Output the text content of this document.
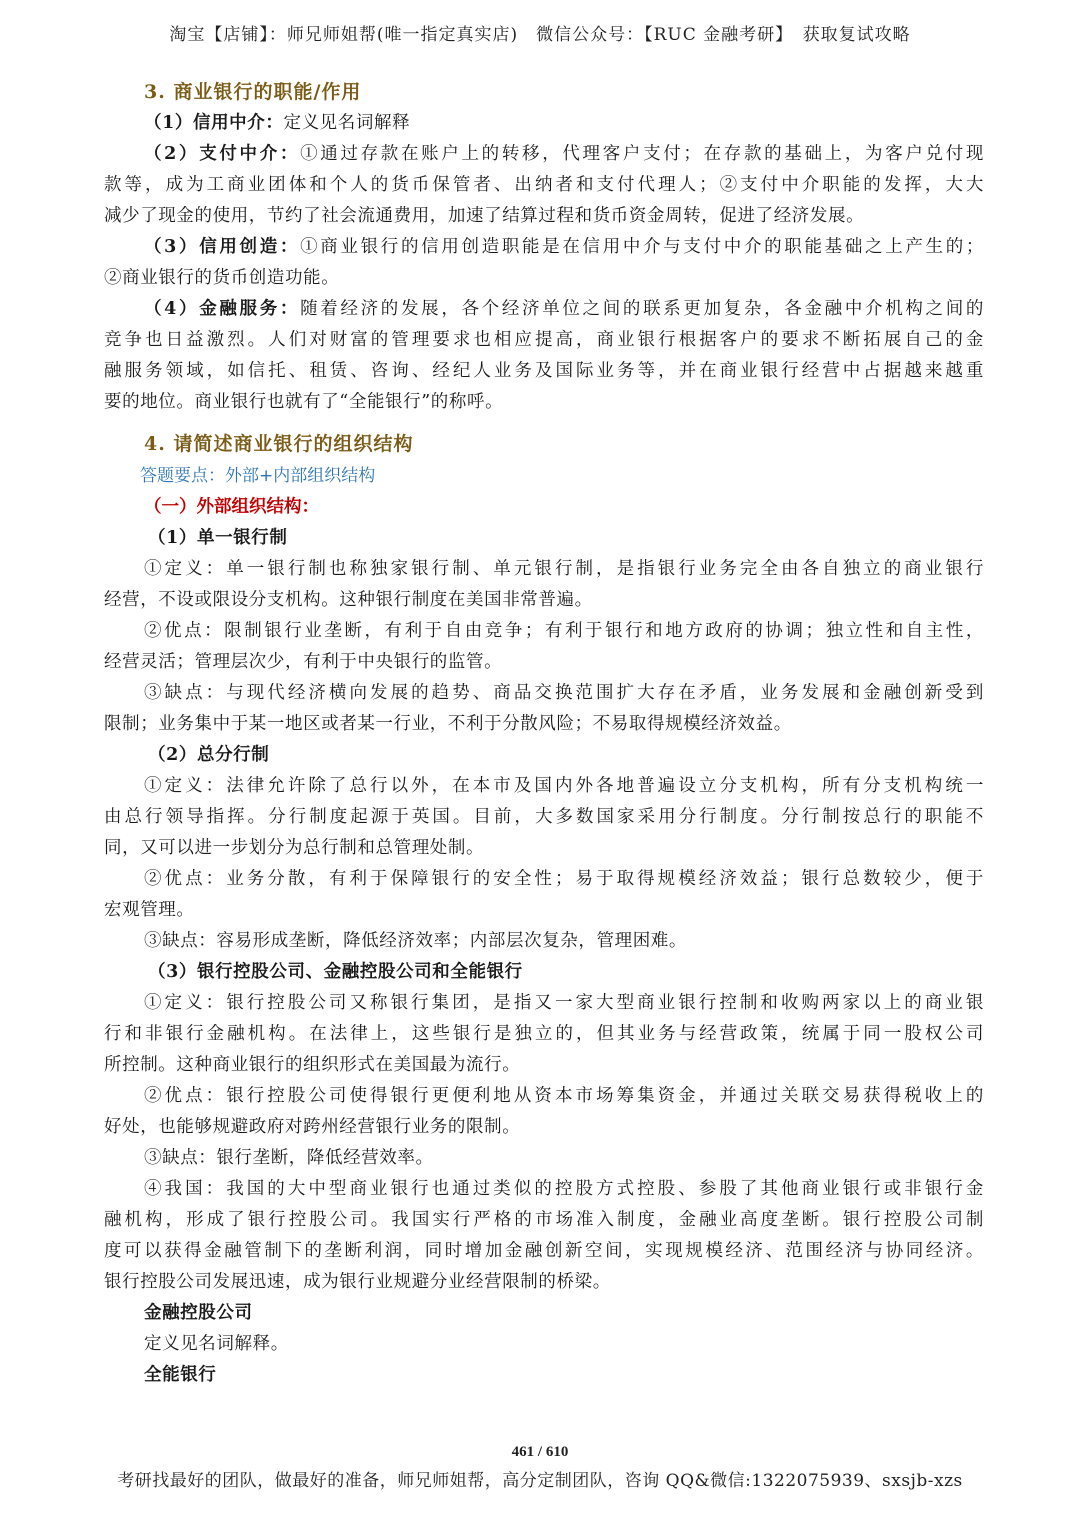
淘宝【店铺】：师兄师姐帮(唯一指定真实店)　微信公众号：【RUC 金融考研】　获取复试攻略
3. 商业银行的职能/作用
（1）信用中介：定义见名词解释
（2）支付中介：①通过存款在账户上的转移，代理客户支付；在存款的基础上，为客户兑付现
款等，成为工商业团体和个人的货币保管者、出纳者和支付代理人；②支付中介职能的发挥，大大
减少了现金的使用，节约了社会流通费用，加速了结算过程和货币资金周转，促进了经济发展。
（3）信用创造：①商业银行的信用创造职能是在信用中介与支付中介的职能基础之上产生的；
②商业银行的货币创造功能。
（4）金融服务：随着经济的发展，各个经济单位之间的联系更加复杂，各金融中介机构之间的
竞争也日益激烈。人们对财富的管理要求也相应提高，商业银行根据客户的要求不断拓展自己的金
融服务领域，如信托、租赁、咨询、经纪人业务及国际业务等，并在商业银行经营中占据越来越重
要的地位。商业银行也就有了“全能银行”的称呼。
4. 请简述商业银行的组织结构
答题要点：外部+内部组织结构
（一）外部组织结构：
（1）单一银行制
①定义：单一银行制也称独家银行制、单元银行制，是指银行业务完全由各自独立的商业银行
经营，不设或限设分支机构。这种银行制度在美国非常普遍。
②优点：限制银行业垄断，有利于自由竞争；有利于银行和地方政府的协调；独立性和自主性，
经营灵活；管理层次少，有利于中央银行的监管。
③缺点：与现代经济横向发展的趋势、商品交换范围扩大存在矛盾，业务发展和金融创新受到
限制；业务集中于某一地区或者某一行业，不利于分散风险；不易取得规模经济效益。
（2）总分行制
①定义：法律允许除了总行以外，在本市及国内外各地普遍设立分支机构，所有分支机构统一
由总行领导指挥。分行制度起源于英国。目前，大多数国家采用分行制度。分行制按总行的职能不
同，又可以进一步划分为总行制和总管理处制。
②优点：业务分散，有利于保障银行的安全性；易于取得规模经济效益；银行总数较少，便于
宏观管理。
③缺点：容易形成垄断，降低经济效率；内部层次复杂，管理困难。
（3）银行控股公司、金融控股公司和全能银行
①定义：银行控股公司又称银行集团，是指又一家大型商业银行控制和收购两家以上的商业银
行和非银行金融机构。在法律上，这些银行是独立的，但其业务与经营政策，统属于同一股权公司
所控制。这种商业银行的组织形式在美国最为流行。
②优点：银行控股公司使得银行更便利地从资本市场筹集资金，并通过关联交易获得税收上的
好处，也能够规避政府对跨州经营银行业务的限制。
③缺点：银行垄断，降低经营效率。
④我国：我国的大中型商业银行也通过类似的控股方式控股、参股了其他商业银行或非银行金
融机构，形成了银行控股公司。我国实行严格的市场准入制度，金融业高度垄断。银行控股公司制
度可以获得金融管制下的垄断利润，同时增加金融创新空间，实现规模经济、范围经济与协同经济。
银行控股公司发展迅速，成为银行业规避分业经营限制的桥梁。
金融控股公司
定义见名词解释。
全能银行
461 / 610
考研找最好的团队，做最好的准备，师兄师姐帮，高分定制团队，咨询 QQ&微信:1322075939、sxsjb-xzs
